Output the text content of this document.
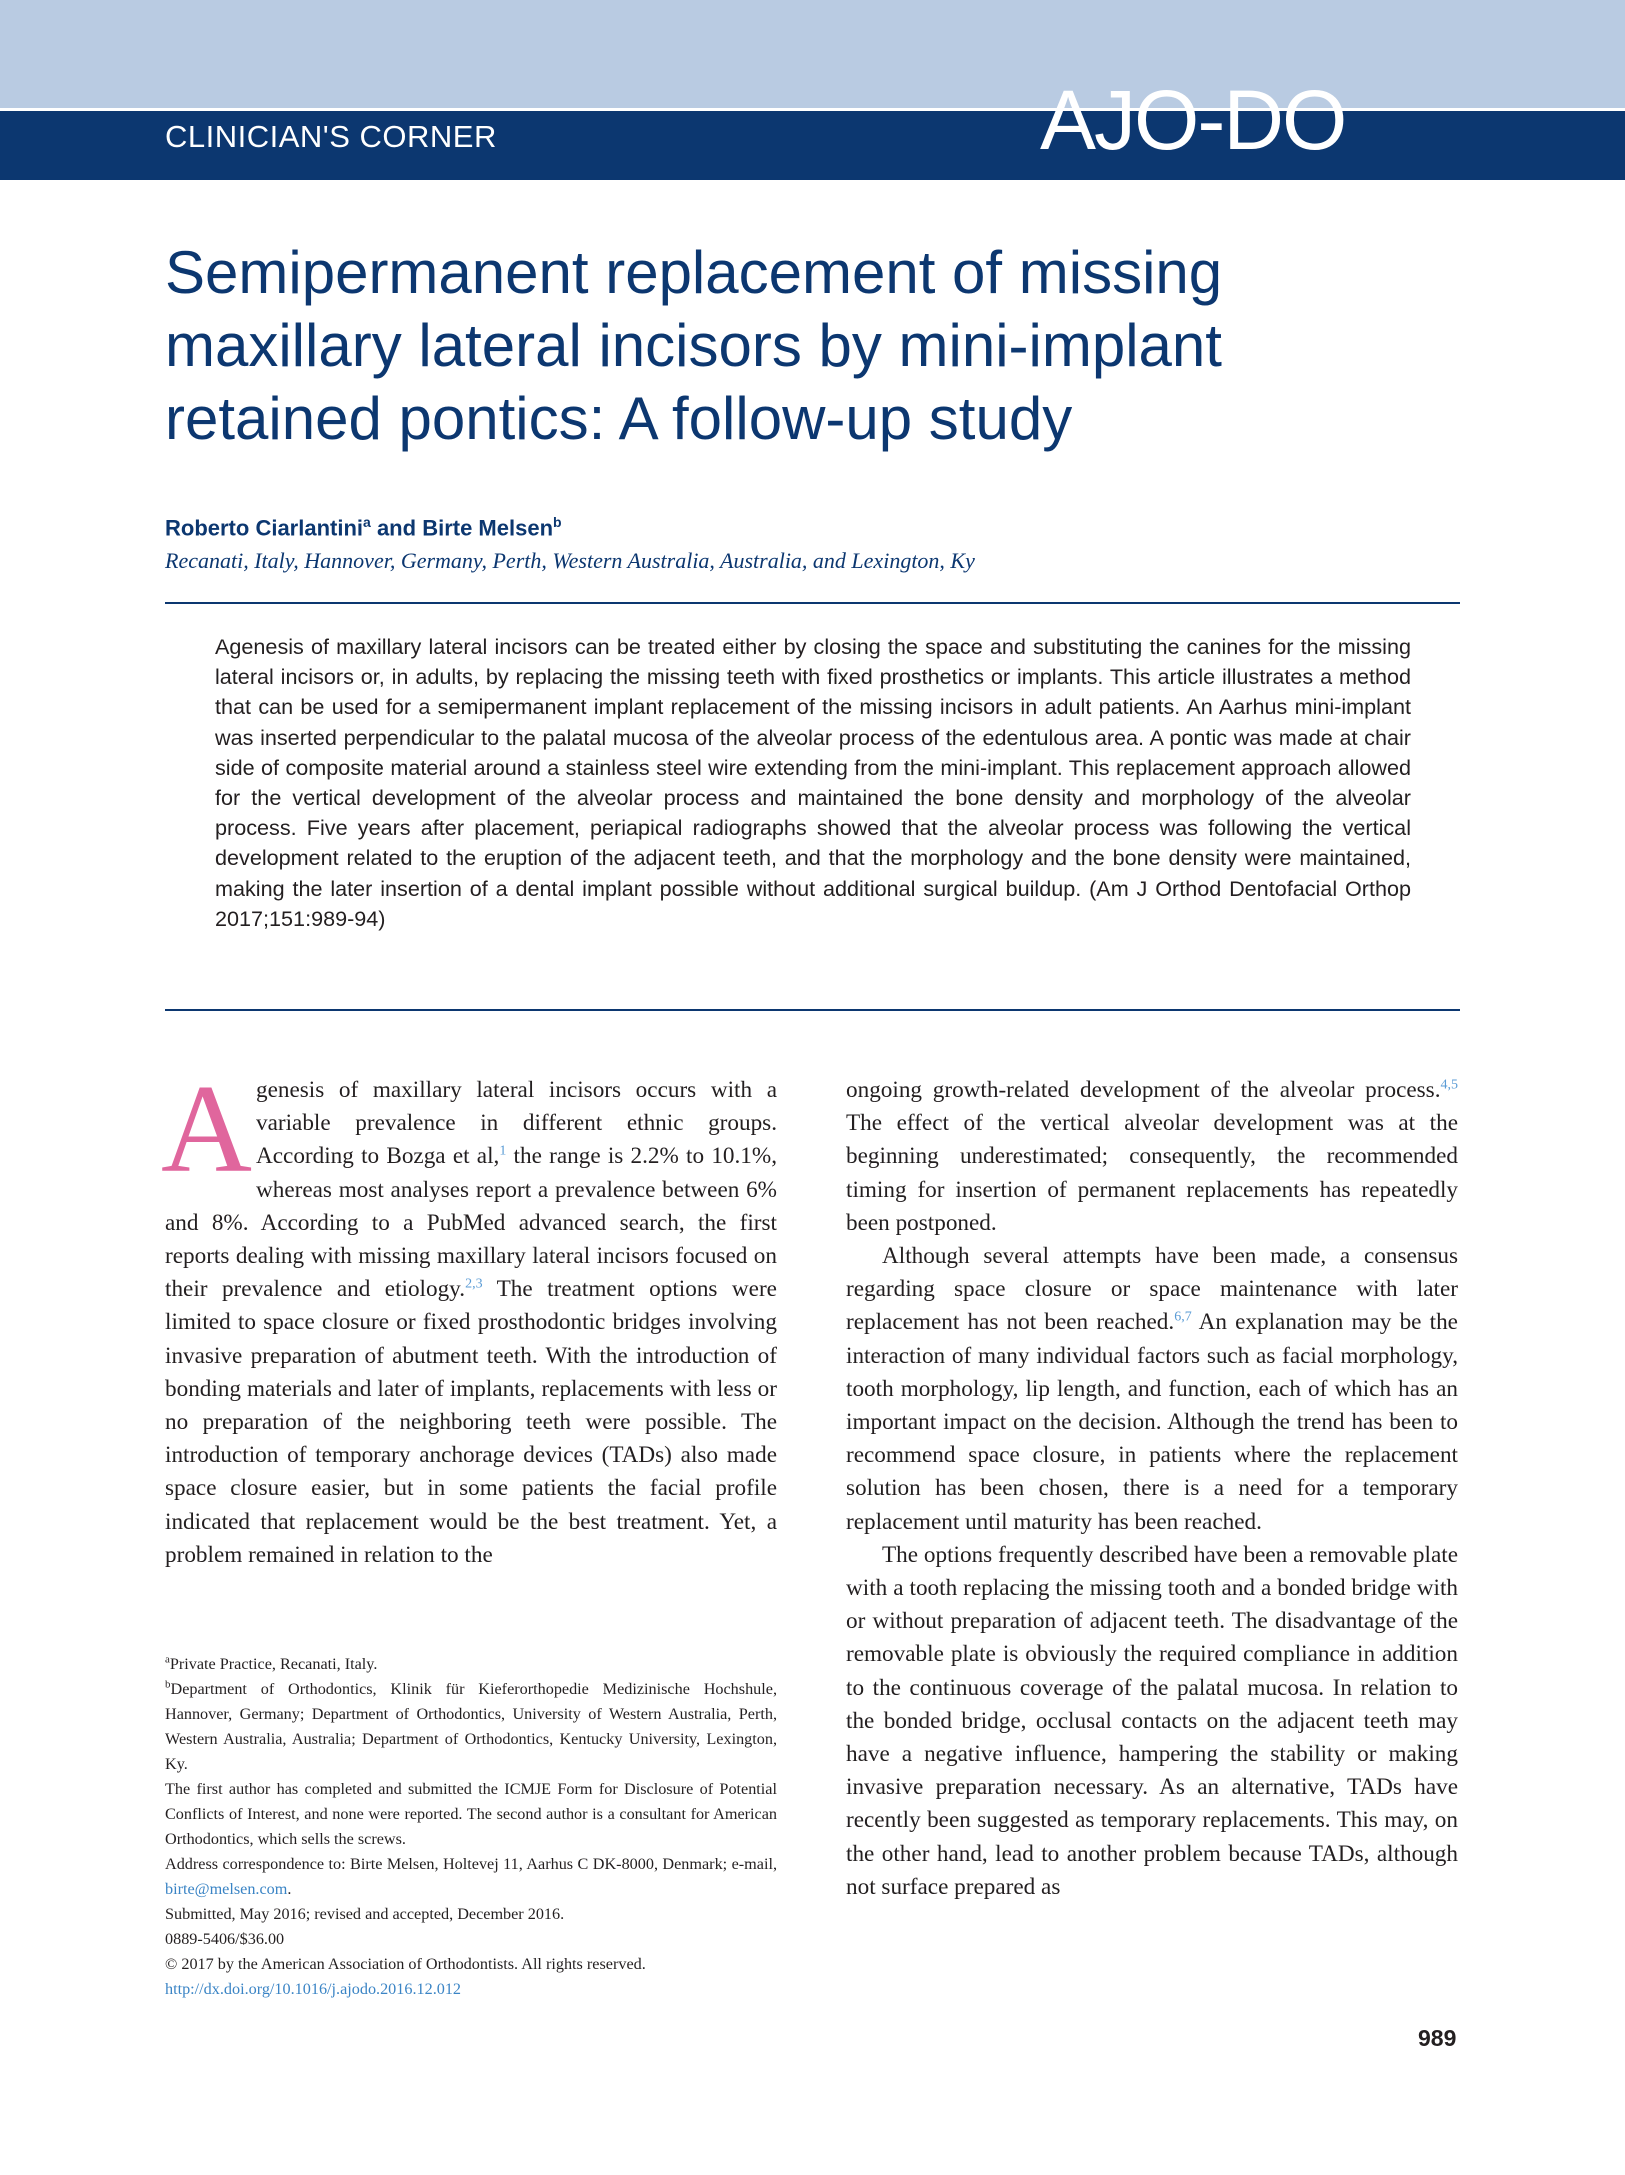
CLINICIAN'S CORNER	AJO-DO
Semipermanent replacement of missing maxillary lateral incisors by mini-implant retained pontics: A follow-up study
Roberto Ciarlantini$^a$ and Birte Melsen$^b$
Recanati, Italy, Hannover, Germany, Perth, Western Australia, Australia, and Lexington, Ky

Agenesis of maxillary lateral incisors can be treated either by closing the space and substituting the canines for the missing lateral incisors or, in adults, by replacing the missing teeth with fixed prosthetics or implants. This article illustrates a method that can be used for a semipermanent implant replacement of the missing incisors in adult patients. An Aarhus mini-implant was inserted perpendicular to the palatal mucosa of the alveolar process of the edentulous area. A pontic was made at chair side of composite material around a stainless steel wire extending from the mini-implant. This replacement approach allowed for the vertical development of the alveolar process and maintained the bone density and morphology of the alveolar process. Five years after placement, periapical radiographs showed that the alveolar process was following the vertical development related to the eruption of the adjacent teeth, and that the morphology and the bone density were maintained, making the later insertion of a dental implant possible without additional surgical buildup. (Am J Orthod Dentofacial Orthop 2017;151:989-94)

Agenesis of maxillary lateral incisors occurs with a variable prevalence in different ethnic groups. According to Bozga et al,$^1$ the range is 2.2% to 10.1%, whereas most analyses report a prevalence between 6% and 8%. According to a PubMed advanced search, the first reports dealing with missing maxillary lateral incisors focused on their prevalence and etiology.$^{2,3}$ The treatment options were limited to space closure or fixed prosthodontic bridges involving invasive preparation of abutment teeth. With the introduction of bonding materials and later of implants, replacements with less or no preparation of the neighboring teeth were possible. The introduction of temporary anchorage devices (TADs) also made space closure easier, but in some patients the facial profile indicated that replacement would be the best treatment. Yet, a problem remained in relation to the

ongoing growth-related development of the alveolar process.$^{4,5}$ The effect of the vertical alveolar development was at the beginning underestimated; consequently, the recommended timing for insertion of permanent replacements has repeatedly been postponed.

Although several attempts have been made, a consensus regarding space closure or space maintenance with later replacement has not been reached.$^{6,7}$ An explanation may be the interaction of many individual factors such as facial morphology, tooth morphology, lip length, and function, each of which has an important impact on the decision. Although the trend has been to recommend space closure, in patients where the replacement solution has been chosen, there is a need for a temporary replacement until maturity has been reached.

The options frequently described have been a removable plate with a tooth replacing the missing tooth and a bonded bridge with or without preparation of adjacent teeth. The disadvantage of the removable plate is obviously the required compliance in addition to the continuous coverage of the palatal mucosa. In relation to the bonded bridge, occlusal contacts on the adjacent teeth may have a negative influence, hampering the stability or making invasive preparation necessary. As an alternative, TADs have recently been suggested as temporary replacements. This may, on the other hand, lead to another problem because TADs, although not surface prepared as

$^a$Private Practice, Recanati, Italy.

$^b$Department of Orthodontics, Klinik für Kieferorthopedie Medizinische Hochshule, Hannover, Germany; Department of Orthodontics, University of Western Australia, Perth, Western Australia, Australia; Department of Orthodontics, Kentucky University, Lexington, Ky.

The first author has completed and submitted the ICMJE Form for Disclosure of Potential Conflicts of Interest, and none were reported. The second author is a consultant for American Orthodontics, which sells the screws.

Address correspondence to: Birte Melsen, Holtevej 11, Aarhus C DK-8000, Denmark; e-mail, birte@melsen.com.

Submitted, May 2016; revised and accepted, December 2016.

0889-5406/$36.00

© 2017 by the American Association of Orthodontists. All rights reserved.

http://dx.doi.org/10.1016/j.ajodo.2016.12.012

989
